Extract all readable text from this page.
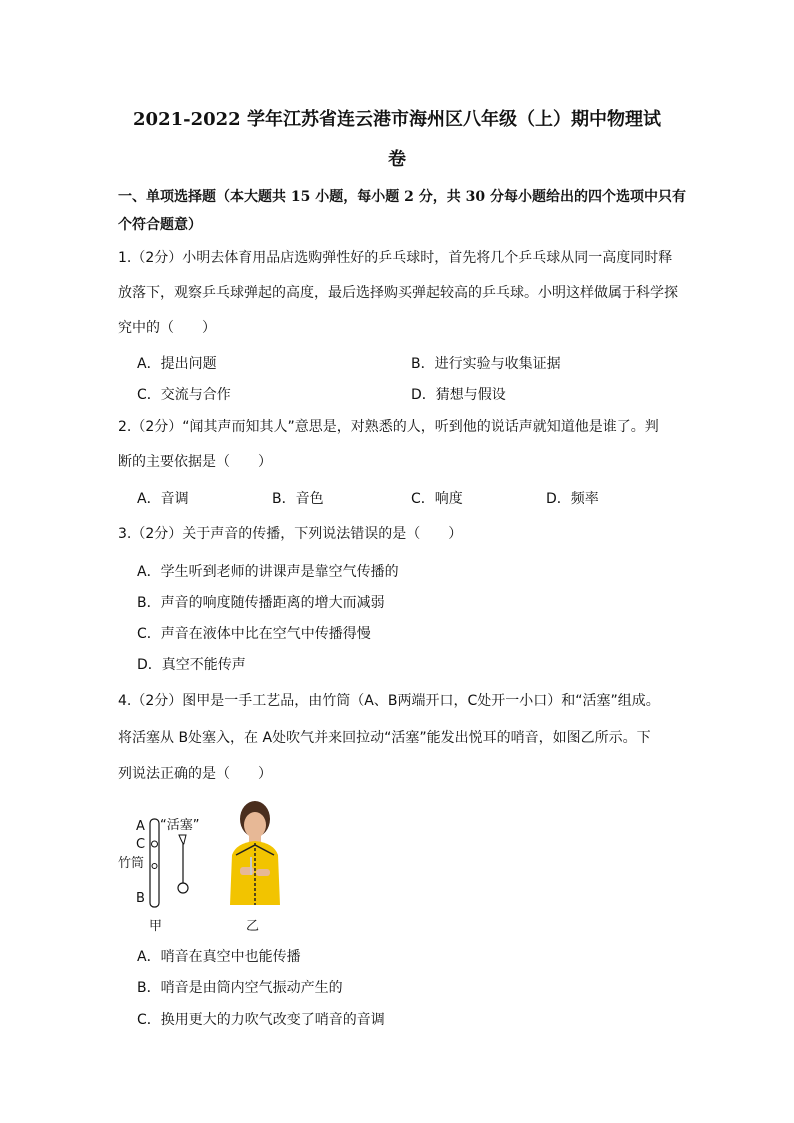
2021-2022 学年江苏省连云港市海州区八年级（上）期中物理试
卷
一、单项选择题（本大题共 15 小题，每小题 2 分，共 30 分每小题给出的四个选项中只有
个符合题意）
1.（2分）小明去体育用品店选购弹性好的乒乓球时，首先将几个乒乓球从同一高度同时释
放落下，观察乒乓球弹起的高度，最后选择购买弹起较高的乒乓球。小明这样做属于科学探
究中的（　　）
A．提出问题	B．进行实验与收集证据
C．交流与合作	D．猜想与假设
2.（2分）“闻其声而知其人”意思是，对熟悉的人，听到他的说话声就知道他是谁了。判
断的主要依据是（　　）
A．音调	B．音色	C．响度	D．频率
3.（2分）关于声音的传播，下列说法错误的是（　　）
A．学生听到老师的讲课声是靠空气传播的
B．声音的响度随传播距离的增大而减弱
C．声音在液体中比在空气中传播得慢
D．真空不能传声
4.（2分）图甲是一手工艺品，由竹筒（A、B两端开口，C处开一小口）和“活塞”组成。
将活塞从 B处塞入，在 A处吹气并来回拉动“活塞”能发出悦耳的哨音，如图乙所示。下
列说法正确的是（　　）
A
C
竹筒
B
“活塞”
甲	乙
A．哨音在真空中也能传播
B．哨音是由筒内空气振动产生的
C．换用更大的力吹气改变了哨音的音调
